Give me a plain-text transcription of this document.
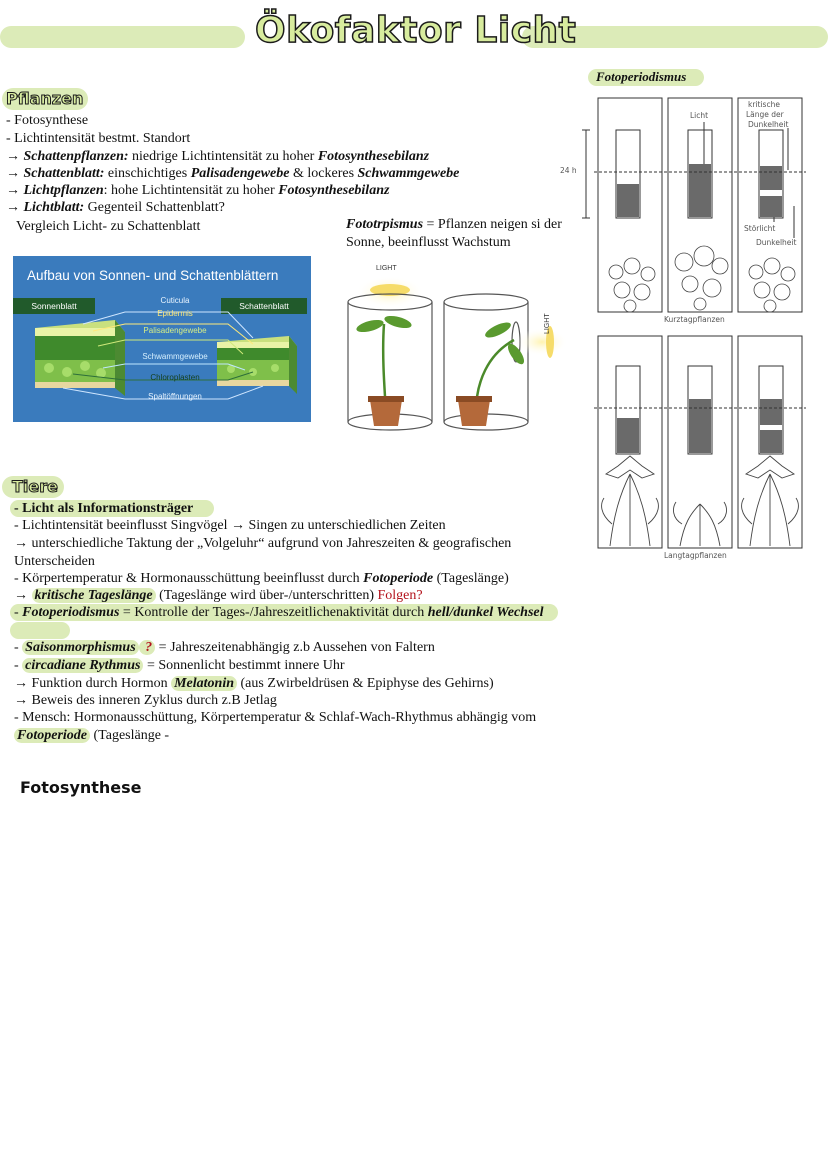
Ökofaktor Licht
Pflanzen
- Fotosynthese
- Lichtintensität bestmt. Standort
→ Schattenpflanzen: niedrige Lichtintensität zu hoher Fotosynthesebilanz
→ Schattenblatt: einschichtiges Palisadengewebe & lockeres Schwammgewebe
→ Lichtpflanzen: hohe Lichtintensität zu hoher Fotosynthesebilanz
→ Lichtblatt: Gegenteil Schattenblatt?
Vergleich Licht- zu Schattenblatt	Fototrpismus = Pflanzen neigen si der Sonne, beeinflusst Wachstum
Aufbau von Sonnen- und Schattenblättern
Sonnenblatt	Schattenblatt
Cuticula
Epidermis
Palisadengewebe
Schwammgewebe
Chloroplasten
Spaltöffnungen
LIGHT
LIGHT
Fotoperiodismus
Licht
kritische
Länge der
Dunkelheit
24 h
Störlicht
Dunkelheit
Kurztagpflanzen
Langtagpflanzen
Tiere
- Licht als Informationsträger
- Lichtintensität beeinflusst Singvögel → Singen zu unterschiedlichen Zeiten
→ unterschiedliche Taktung der „Volgeluhr“ aufgrund von Jahreszeiten & geografischen Unterscheiden
- Körpertemperatur & Hormonausschüttung beeinflusst durch Fotoperiode (Tageslänge)
→ kritische Tageslänge (Tageslänge wird über-/unterschritten) Folgen?
- Fotoperiodismus = Kontrolle der Tages-/Jahreszeitlichenaktivität durch hell/dunkel Wechsel
- Saisonmorphismus ? = Jahreszeitenabhängig z.b Aussehen von Faltern
- circadiane Rythmus = Sonnenlicht bestimmt innere Uhr
→ Funktion durch Hormon Melatonin (aus Zwirbeldrüsen & Epiphyse des Gehirns)
→ Beweis des inneren Zyklus durch z.B Jetlag
- Mensch: Hormonausschüttung, Körpertemperatur & Schlaf-Wach-Rhythmus abhängig vom Fotoperiode (Tageslänge -
Fotosynthese
